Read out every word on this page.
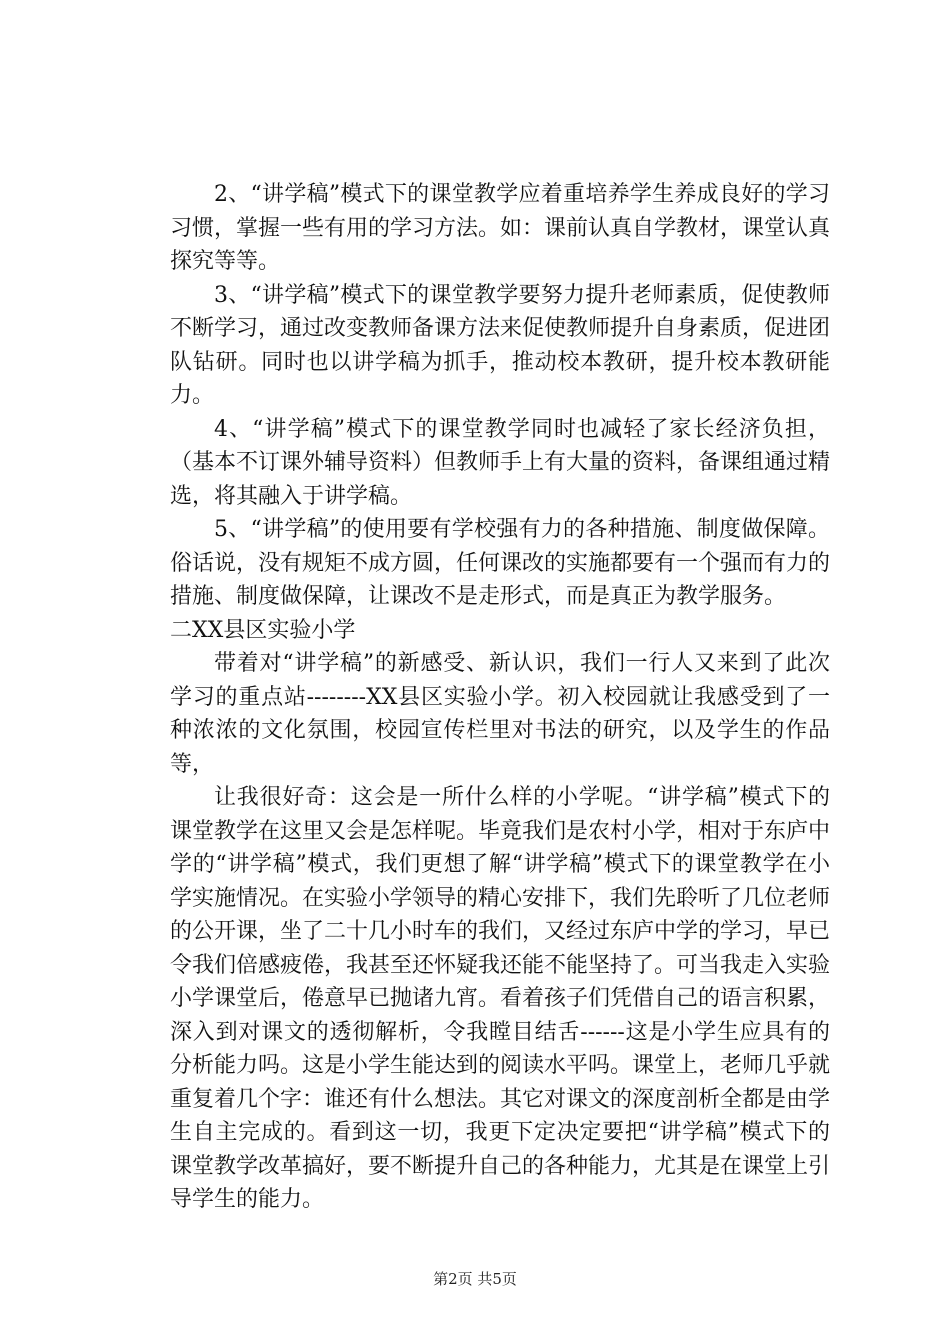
2、“讲学稿”模式下的课堂教学应着重培养学生养成良好的学习习惯，掌握一些有用的学习方法。如：课前认真自学教材，课堂认真探究等等。

3、“讲学稿”模式下的课堂教学要努力提升老师素质，促使教师不断学习，通过改变教师备课方法来促使教师提升自身素质，促进团队钻研。同时也以讲学稿为抓手，推动校本教研，提升校本教研能力。

4、“讲学稿”模式下的课堂教学同时也减轻了家长经济负担，（基本不订课外辅导资料）但教师手上有大量的资料，备课组通过精选，将其融入于讲学稿。

5、“讲学稿”的使用要有学校强有力的各种措施、制度做保障。俗话说，没有规矩不成方圆，任何课改的实施都要有一个强而有力的措施、制度做保障，让课改不是走形式，而是真正为教学服务。

二XX县区实验小学

带着对“讲学稿”的新感受、新认识，我们一行人又来到了此次学习的重点站--------XX县区实验小学。初入校园就让我感受到了一种浓浓的文化氛围，校园宣传栏里对书法的研究，以及学生的作品等，

让我很好奇：这会是一所什么样的小学呢。“讲学稿”模式下的课堂教学在这里又会是怎样呢。毕竟我们是农村小学，相对于东庐中学的“讲学稿”模式，我们更想了解“讲学稿”模式下的课堂教学在小学实施情况。在实验小学领导的精心安排下，我们先聆听了几位老师的公开课，坐了二十几小时车的我们，又经过东庐中学的学习，早已令我们倍感疲倦，我甚至还怀疑我还能不能坚持了。可当我走入实验小学课堂后，倦意早已抛诸九宵。看着孩子们凭借自己的语言积累，深入到对课文的透彻解析，令我瞠目结舌------这是小学生应具有的分析能力吗。这是小学生能达到的阅读水平吗。课堂上，老师几乎就重复着几个字：谁还有什么想法。其它对课文的深度剖析全都是由学生自主完成的。看到这一切，我更下定决定要把“讲学稿”模式下的课堂教学改革搞好，要不断提升自己的各种能力，尤其是在课堂上引导学生的能力。

第2页 共5页
